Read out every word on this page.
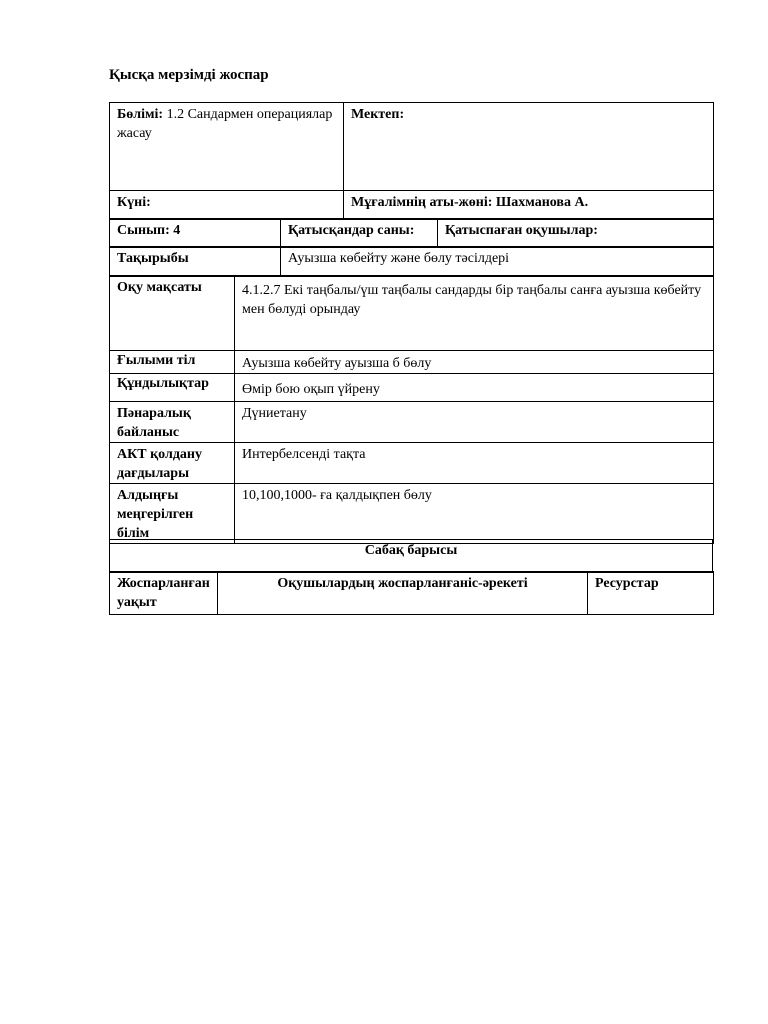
Қысқа мерзімді жоспар
Бөлімі: 1.2 Сандармен операциялар жасау	Мектеп:
Күні:	Мұғалімнің аты-жөні: Шахманова А.
Сынып: 4	Қатысқандар саны:	Қатыспаған оқушылар:
Тақырыбы	Ауызша көбейту және бөлу тәсілдері
Оқу мақсаты	4.1.2.7 Екі таңбалы/үш таңбалы сандарды бір таңбалы санға ауызша көбейту мен бөлуді орындау
Ғылыми тіл	Ауызша көбейту ауызша б бөлу
Құндылықтар	Өмір бою оқып үйрену
Пәнаралық байланыс	Дүниетану
АКТ қолдану дағдылары	Интербелсенді тақта
Алдыңғы меңгерілген білім	10,100,1000- ға қалдықпен бөлу
Сабақ барысы
Жоспарланған уақыт	Оқушылардың жоспарланғаніс-әрекеті	Ресурстар
